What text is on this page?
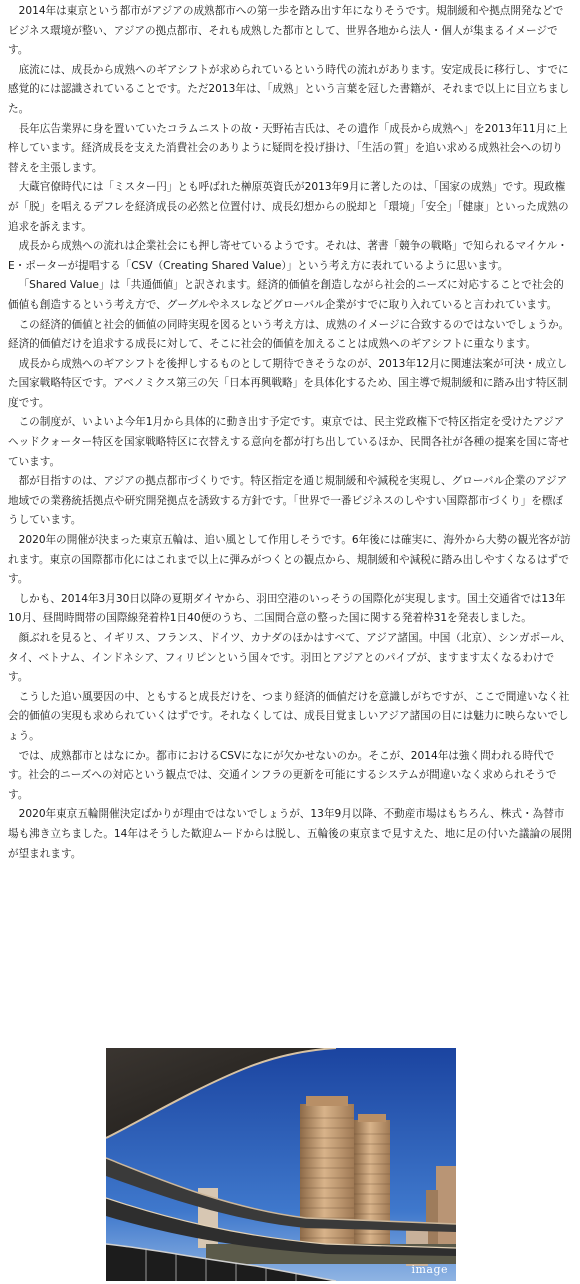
2014年は東京という都市がアジアの成熟都市への第一歩を踏み出す年になりそうです。規制緩和や拠点開発などでビジネス環境が整い、アジアの拠点都市、それも成熟した都市として、世界各地から法人・個人が集まるイメージです。

底流には、成長から成熟へのギアシフトが求められているという時代の流れがあります。安定成長に移行し、すでに感覚的には認識されていることです。ただ2013年は、「成熟」という言葉を冠した書籍が、それまで以上に目立ちました。

長年広告業界に身を置いていたコラムニストの故・天野祐吉氏は、その遺作「成長から成熟へ」を2013年11月に上梓しています。経済成長を支えた消費社会のありように疑問を投げ掛け、「生活の質」を追い求める成熟社会への切り替えを主張します。

大蔵官僚時代には「ミスター円」とも呼ばれた榊原英資氏が2013年9月に著したのは、「国家の成熟」です。現政権が「脱」を唱えるデフレを経済成長の必然と位置付け、成長幻想からの脱却と「環境」「安全」「健康」といった成熟の追求を訴えます。

成長から成熟への流れは企業社会にも押し寄せているようです。それは、著書「競争の戦略」で知られるマイケル・E・ポーターが提唱する「CSV（Creating Shared Value）」という考え方に表れているように思います。

「Shared Value」は「共通価値」と訳されます。経済的価値を創造しながら社会的ニーズに対応することで社会的価値も創造するという考え方で、グーグルやネスレなどグローバル企業がすでに取り入れていると言われています。

この経済的価値と社会的価値の同時実現を図るという考え方は、成熟のイメージに合致するのではないでしょうか。経済的価値だけを追求する成長に対して、そこに社会的価値を加えることは成熟へのギアシフトに重なります。

成長から成熟へのギアシフトを後押しするものとして期待できそうなのが、2013年12月に関連法案が可決・成立した国家戦略特区です。アベノミクス第三の矢「日本再興戦略」を具体化するため、国主導で規制緩和に踏み出す特区制度です。

この制度が、いよいよ今年1月から具体的に動き出す予定です。東京では、民主党政権下で特区指定を受けたアジアヘッドクォーター特区を国家戦略特区に衣替えする意向を都が打ち出しているほか、民間各社が各種の提案を国に寄せています。

都が目指すのは、アジアの拠点都市づくりです。特区指定を通じ規制緩和や減税を実現し、グローバル企業のアジア地域での業務統括拠点や研究開発拠点を誘致する方針です。「世界で一番ビジネスのしやすい国際都市づくり」を標ぼうしています。

2020年の開催が決まった東京五輪は、追い風として作用しそうです。6年後には確実に、海外から大勢の観光客が訪れます。東京の国際都市化にはこれまで以上に弾みがつくとの観点から、規制緩和や減税に踏み出しやすくなるはずです。

しかも、2014年3月30日以降の夏期ダイヤから、羽田空港のいっそうの国際化が実現します。国土交通省では13年10月、昼間時間帯の国際線発着枠1日40便のうち、二国間合意の整った国に関する発着枠31を発表しました。

顔ぶれを見ると、イギリス、フランス、ドイツ、カナダのほかはすべて、アジア諸国。中国（北京）、シンガポール、タイ、ベトナム、インドネシア、フィリピンという国々です。羽田とアジアとのパイプが、ますます太くなるわけです。

こうした追い風要因の中、ともすると成長だけを、つまり経済的価値だけを意識しがちですが、ここで間違いなく社会的価値の実現も求められていくはずです。それなくしては、成長目覚ましいアジア諸国の目には魅力に映らないでしょう。

では、成熟都市とはなにか。都市におけるCSVになにが欠かせないのか。そこが、2014年は強く問われる時代です。社会的ニーズへの対応という観点では、交通インフラの更新を可能にするシステムが間違いなく求められそうです。

2020年東京五輪開催決定ばかりが理由ではないでしょうが、13年9月以降、不動産市場はもちろん、株式・為替市場も沸き立ちました。14年はそうした歓迎ムードからは脱し、五輪後の東京まで見すえた、地に足の付いた議論の展開が望まれます。

image
